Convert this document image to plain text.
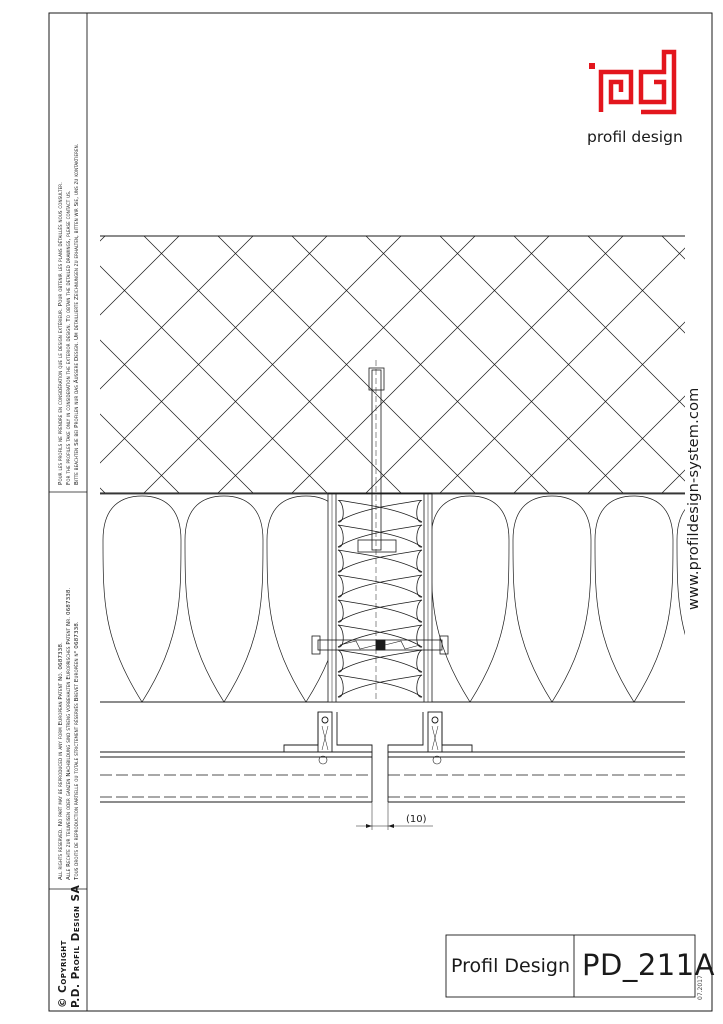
© Copyright P.D. Profil Design SA
All rights reserved. No part may be reproduced in any form European Patent No. 0687338. Alle Rechte zur teilweisen oder ganzen Nachbildung sind streng vorbehalten Europäisches Patent Nr. 0687338. Tous droits de reproduction partielle ou totale strictement réservés Brevet Européen n° 0687338.
Pour les profils ne prendre en considération que le design extérieur. Pour obtenir les plans détaillés nous consulter. For the profiles take only in consideration the exterior design. To obtain the detailed drawings, please contact us. Bitte beachten Sie bei Profilen nur das Äussere Design. Um detaillierte Zeichnungen zu erhalten, bitten wir Sie, uns zu kontaktieren.
www.profildesign-system.com
profil design
Profil Design PD_211A
07.2017
(10)
